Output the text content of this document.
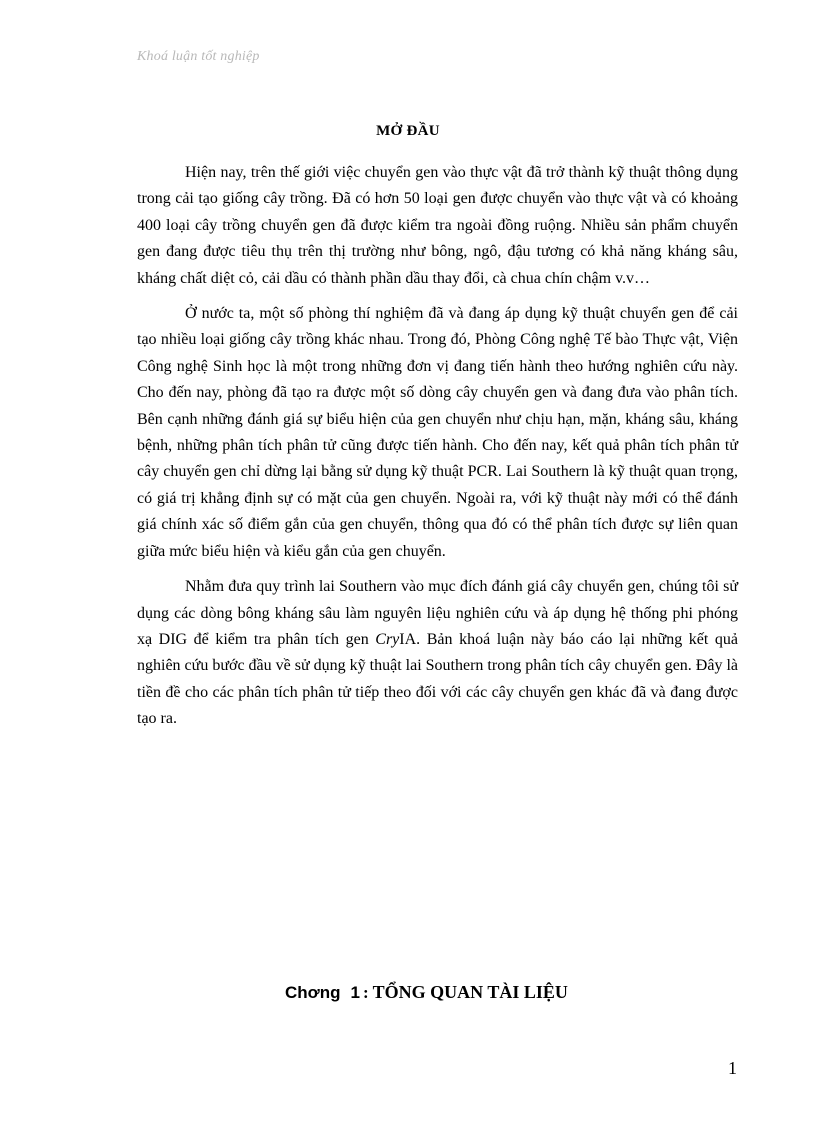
Khoá luận tốt nghiệp
MỞ ĐẦU

Hiện nay, trên thế giới việc chuyển gen vào thực vật đã trở thành kỹ thuật thông dụng trong cải tạo giống cây trồng. Đã có hơn 50 loại gen được chuyển vào thực vật và có khoảng 400 loại cây trồng chuyển gen đã được kiểm tra ngoài đồng ruộng. Nhiều sản phẩm chuyển gen đang được tiêu thụ trên thị trường như bông, ngô, đậu tương có khả năng kháng sâu, kháng chất diệt cỏ, cải dầu có thành phần dầu thay đổi, cà chua chín chậm v.v…

Ở nước ta, một số phòng thí nghiệm đã và đang áp dụng kỹ thuật chuyển gen để cải tạo nhiều loại giống cây trồng khác nhau. Trong đó, Phòng Công nghệ Tế bào Thực vật, Viện Công nghệ Sinh học là một trong những đơn vị đang tiến hành theo hướng nghiên cứu này. Cho đến nay, phòng đã tạo ra được một số dòng cây chuyển gen và đang đưa vào phân tích. Bên cạnh những đánh giá sự biểu hiện của gen chuyển như chịu hạn, mặn, kháng sâu, kháng bệnh, những phân tích phân tử cũng được tiến hành. Cho đến nay, kết quả phân tích phân tử cây chuyển gen chỉ dừng lại bằng sử dụng kỹ thuật PCR. Lai Southern là kỹ thuật quan trọng, có giá trị khẳng định sự có mặt của gen chuyển. Ngoài ra, với kỹ thuật này mới có thể đánh giá chính xác số điểm gắn của gen chuyển, thông qua đó có thể phân tích được sự liên quan giữa mức biểu hiện và kiểu gắn của gen chuyển.

Nhằm đưa quy trình lai Southern vào mục đích đánh giá cây chuyển gen, chúng tôi sử dụng các dòng bông kháng sâu làm nguyên liệu nghiên cứu và áp dụng hệ thống phi phóng xạ DIG để kiểm tra phân tích gen CryIA. Bản khoá luận này báo cáo lại những kết quả nghiên cứu bước đầu về sử dụng kỹ thuật lai Southern trong phân tích cây chuyển gen. Đây là tiền đề cho các phân tích phân tử tiếp theo đối với các cây chuyển gen khác đã và đang được tạo ra.

Chơng 1 : TỔNG QUAN TÀI LIỆU
1
